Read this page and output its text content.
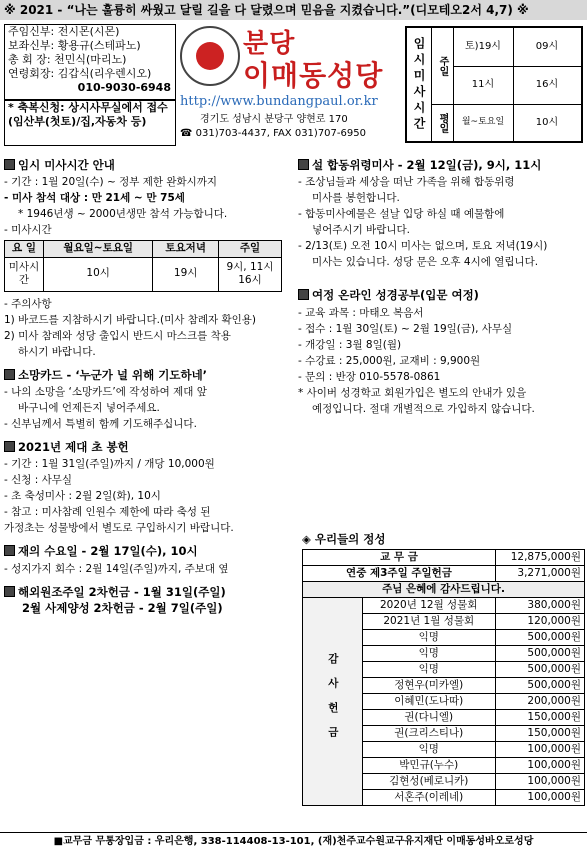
※ 2021 - “나는 훌륭히 싸웠고 달릴 길을 다 달렸으며 믿음을 지켰습니다.”(디모테오2서 4,7) ※
주임신부: 전시몬(시몬)
보좌신부: 황용규(스테파노)
총 회 장: 천민식(마리노)
연령회장: 김갑식(리우렌시오)
010-9030-6948
* 축복신청: 상시사무실에서 접수
(임산부(첫토)/집,자동차 등)
분당
이매동성당
http://www.bundangpaul.or.kr
경기도 성남시 분당구 양현로 170
☎ 031)703-4437, FAX 031)707-6950
임시미사시간	주일
토)19시	09시
11시	16시
평일	월~토요일	10시
임시 미사시간 안내
- 기간 : 1월 20일(수) ~ 정부 제한 완화시까지
- 미사 참석 대상 : 만 21세 ~ 만 75세
* 1946년생 ~ 2000년생만 참석 가능합니다.
- 미사시간
요 일	월요일~토요일	토요저녁	주일
미사시간	10시	19시	9시, 11시 16시
- 주의사항
1) 바코드를 지참하시기 바랍니다.(미사 참례자 확인용)
2) 미사 참례와 성당 출입시 반드시 마스크를 착용
하시기 바랍니다.
소망카드 - ‘누군가 널 위해 기도하네’
- 나의 소망을 ‘소망카드’에 작성하여 제대 앞
바구니에 언제든지 넣어주세요.
- 신부님께서 특별히 함께 기도해주십니다.
2021년 제대 초 봉헌
- 기간 : 1월 31일(주일)까지 / 개당 10,000원
- 신청 : 사무실
- 초 축성미사 : 2월 2일(화), 10시
- 참고 : 미사참례 인원수 제한에 따라 축성 된
가정초는 성물방에서 별도로 구입하시기 바랍니다.
재의 수요일 - 2월 17일(수), 10시
- 성지가지 회수 : 2월 14일(주일)까지, 주보대 옆
해외원조주일 2차헌금 - 1월 31일(주일)
2월 사제양성 2차헌금 - 2월 7일(주일)
설 합동위령미사 - 2월 12일(금), 9시, 11시
- 조상님들과 세상을 떠난 가족을 위해 합동위령
미사를 봉헌합니다.
- 합동미사예물은 설날 입당 하실 때 예물함에
넣어주시기 바랍니다.
- 2/13(토) 오전 10시 미사는 없으며, 토요 저녁(19시)
미사는 있습니다. 성당 문은 오후 4시에 열립니다.
여정 온라인 성경공부(입문 여정)
- 교육 과목 : 마태오 복음서
- 접수 : 1월 30일(토) ~ 2월 19일(금), 사무실
- 개강일 : 3월 8일(월)
- 수강료 : 25,000원, 교재비 : 9,900원
- 문의 : 반장 010-5578-0861
* 사이버 성경학교 회원가입은 별도의 안내가 있을
예정입니다. 절대 개별적으로 가입하지 않습니다.
◈ 우리들의 정성
교 무 금		12,875,000원
연중 제3주일 주일헌금		3,271,000원
주님 은혜에 감사드립니다.		
감사헌금	2020년 12월 성물회	380,000원
	2021년 1월 성물회	120,000원
	익명	500,000원
	익명	500,000원
	익명	500,000원
	정현우(미카엘)	500,000원
	이혜민(도나따)	200,000원
	권(다니엘)	150,000원
	권(크리스티나)	150,000원
	익명	100,000원
	박민규(누수)	100,000원
	김현성(베로니카)	100,000원
	서혼주(이레네)	100,000원
■교무금 무통장입금 : 우리은행, 338-114408-13-101, (재)천주교수원교구유지재단 이매동성바오로성당
